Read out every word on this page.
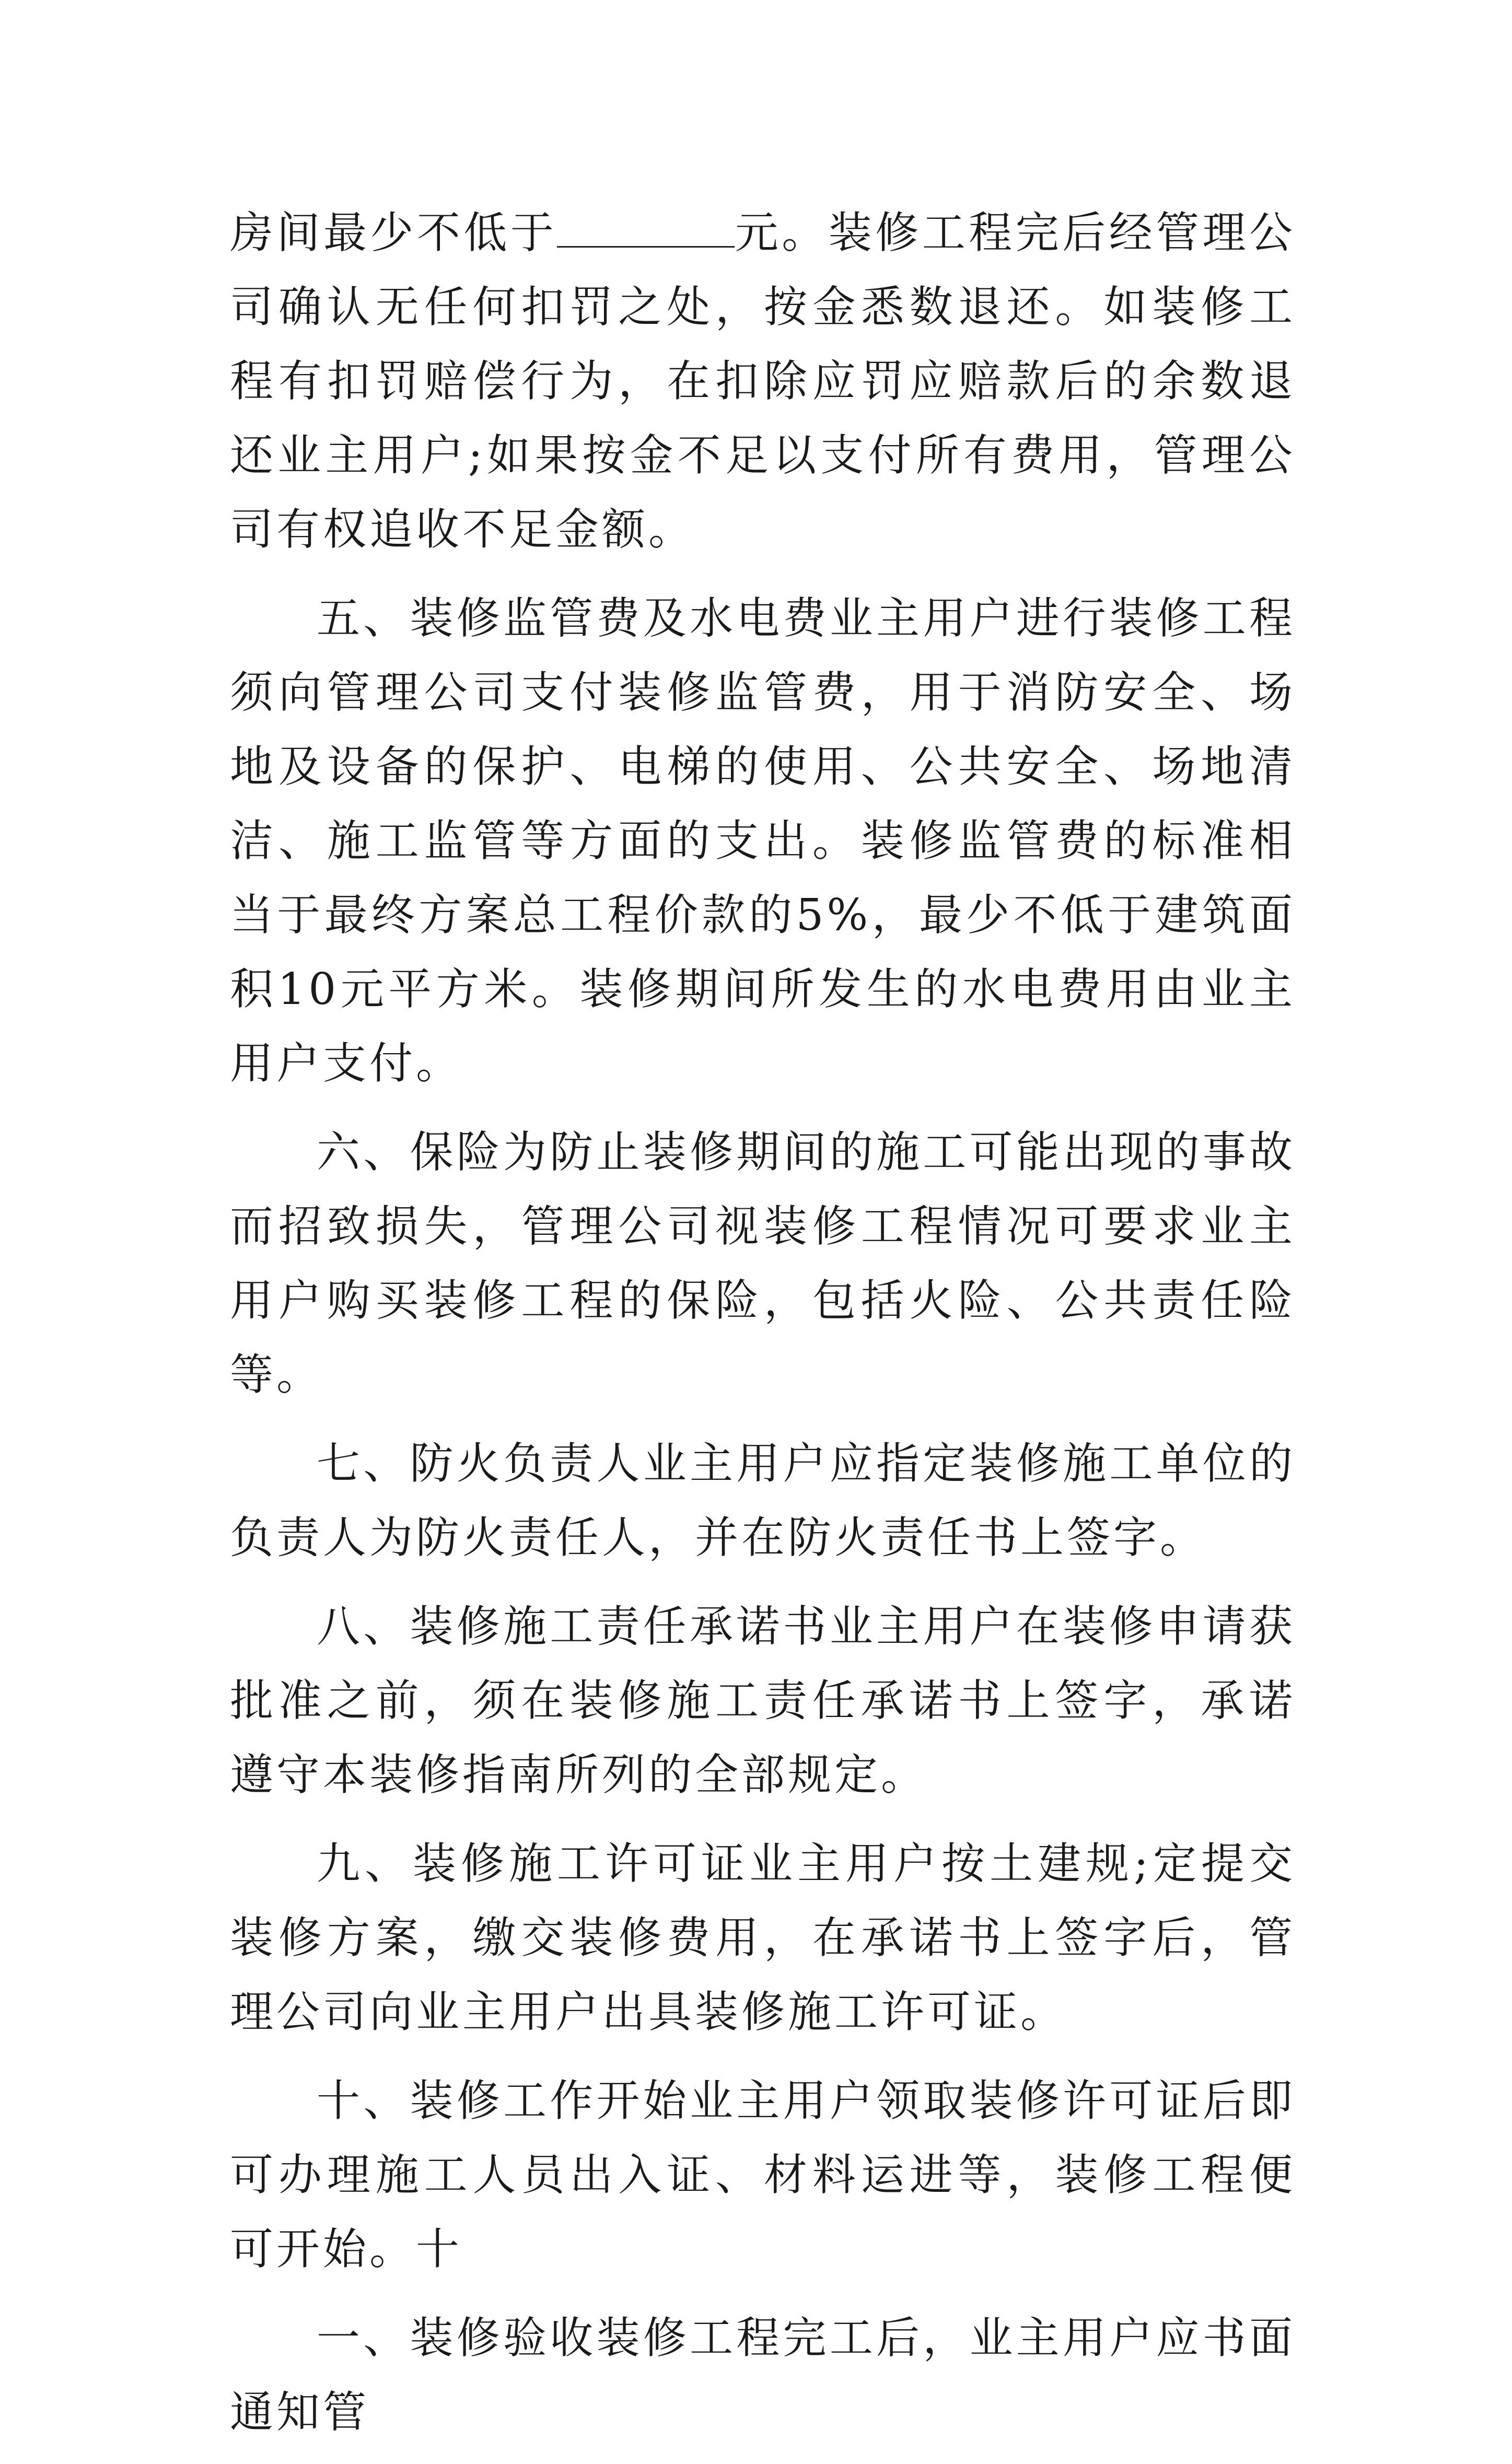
房间最少不低于	元。装修工程完后经管理公司确认无任何扣罚之处，按金悉数退还。如装修工程有扣罚赔偿行为，在扣除应罚应赔款后的余数退还业主用户;如果按金不足以支付所有费用，管理公司有权追收不足金额。

五、装修监管费及水电费业主用户进行装修工程须向管理公司支付装修监管费，用于消防安全、场地及设备的保护、电梯的使用、公共安全、场地清洁、施工监管等方面的支出。装修监管费的标准相当于最终方案总工程价款的5%，最少不低于建筑面积10元平方米。装修期间所发生的水电费用由业主用户支付。

六、保险为防止装修期间的施工可能出现的事故而招致损失，管理公司视装修工程情况可要求业主用户购买装修工程的保险，包括火险、公共责任险等。

七、防火负责人业主用户应指定装修施工单位的负责人为防火责任人，并在防火责任书上签字。

八、装修施工责任承诺书业主用户在装修申请获批准之前，须在装修施工责任承诺书上签字，承诺遵守本装修指南所列的全部规定。

九、装修施工许可证业主用户按土建规;定提交装修方案，缴交装修费用，在承诺书上签字后，管理公司向业主用户出具装修施工许可证。

十、装修工作开始业主用户领取装修许可证后即可办理施工人员出入证、材料运进等，装修工程便可开始。十

一、装修验收装修工程完工后，业主用户应书面通知管
